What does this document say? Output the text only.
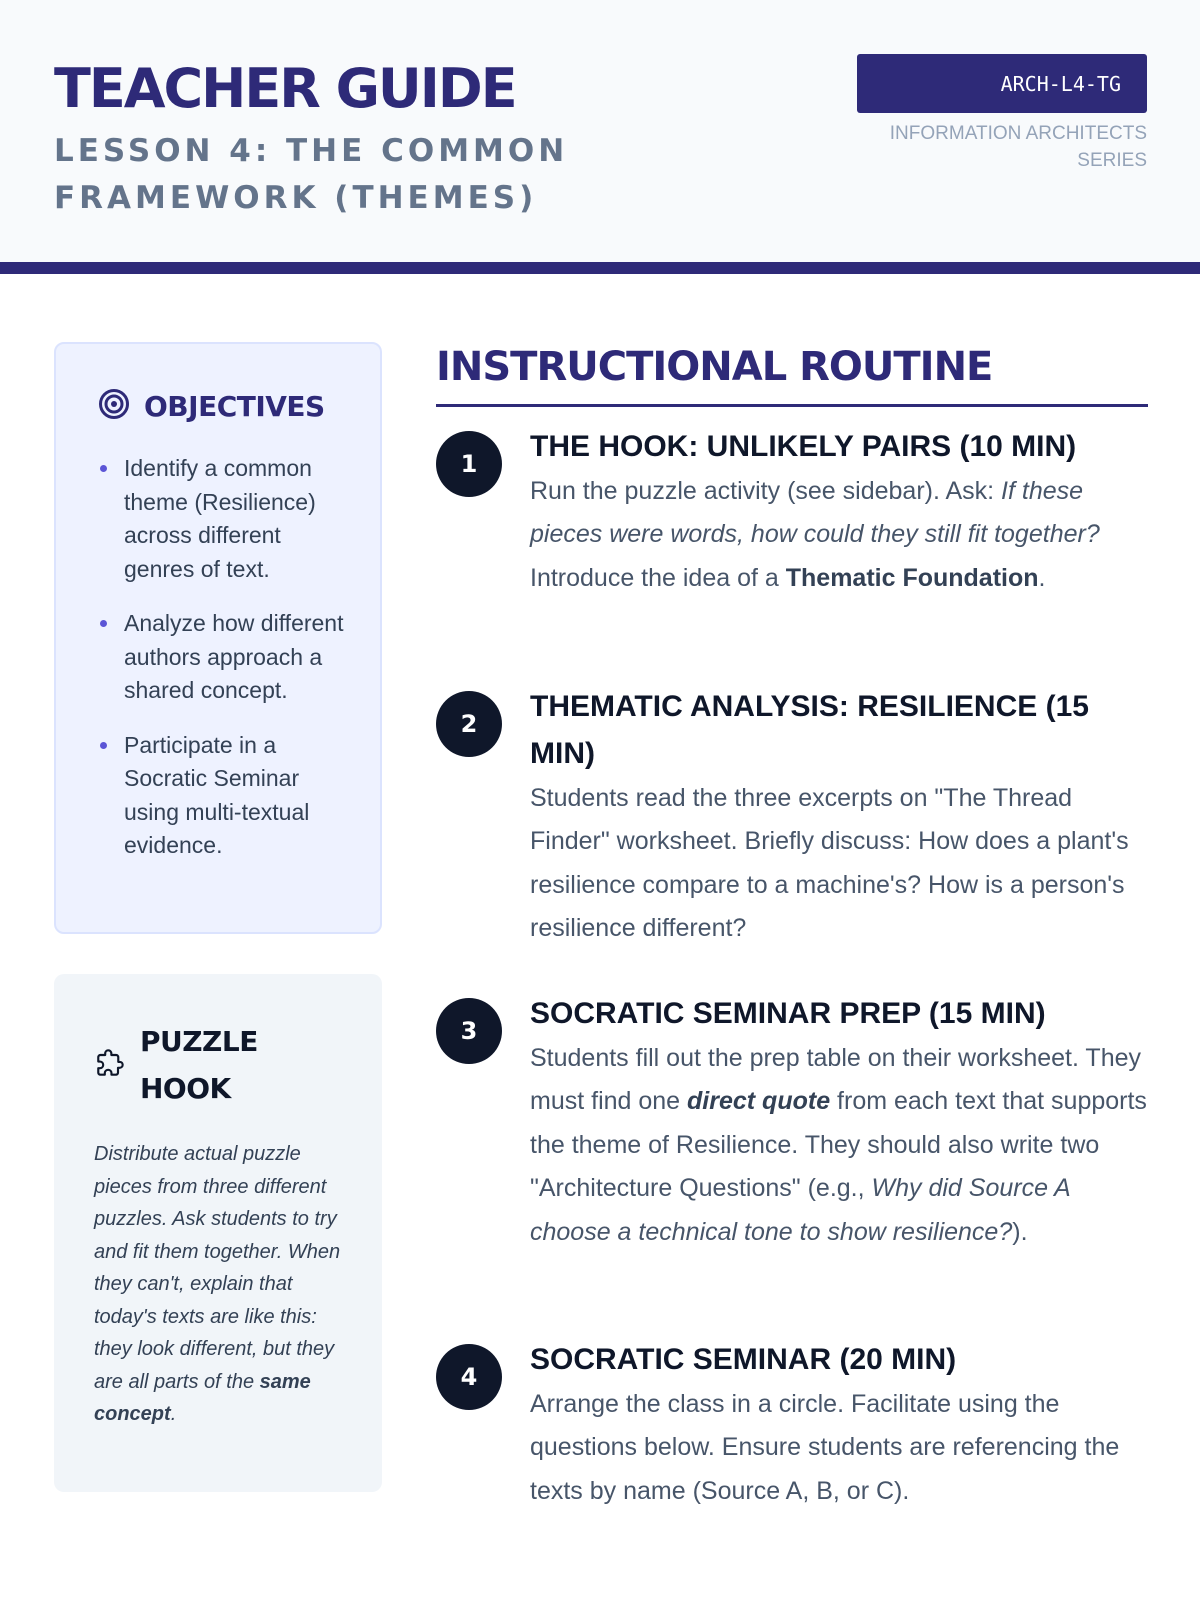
TEACHER GUIDE
LESSON 4: THE COMMON FRAMEWORK (THEMES)
ARCH-L4-TG
INFORMATION ARCHITECTS SERIES
OBJECTIVES
Identify a common theme (Resilience) across different genres of text.
Analyze how different authors approach a shared concept.
Participate in a Socratic Seminar using multi-textual evidence.
PUZZLE HOOK

Distribute actual puzzle pieces from three different puzzles. Ask students to try and fit them together. When they can't, explain that today's texts are like this: they look different, but they are all parts of the same concept.

INSTRUCTIONAL ROUTINE
1
THE HOOK: UNLIKELY PAIRS (10 MIN)

Run the puzzle activity (see sidebar). Ask: If these pieces were words, how could they still fit together? Introduce the idea of a Thematic Foundation.

2
THEMATIC ANALYSIS: RESILIENCE (15 MIN)

Students read the three excerpts on "The Thread Finder" worksheet. Briefly discuss: How does a plant's resilience compare to a machine's? How is a person's resilience different?

3
SOCRATIC SEMINAR PREP (15 MIN)

Students fill out the prep table on their worksheet. They must find one direct quote from each text that supports the theme of Resilience. They should also write two "Architecture Questions" (e.g., Why did Source A choose a technical tone to show resilience?).

4
SOCRATIC SEMINAR (20 MIN)

Arrange the class in a circle. Facilitate using the questions below. Ensure students are referencing the texts by name (Source A, B, or C).
